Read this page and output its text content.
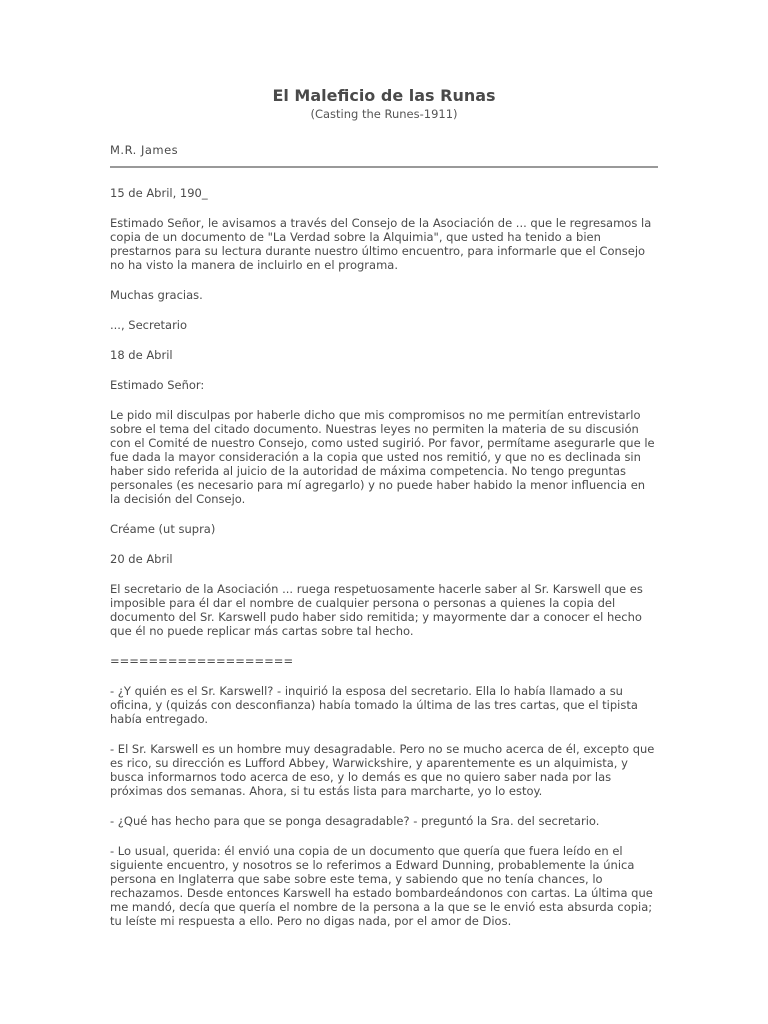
El Maleficio de las Runas

(Casting the Runes-1911)

M.R. James

15 de Abril, 190_

Estimado Señor, le avisamos a través del Consejo de la Asociación de ... que le regresamos la copia de un documento de "La Verdad sobre la Alquimia", que usted ha tenido a bien prestarnos para su lectura durante nuestro último encuentro, para informarle que el Consejo no ha visto la manera de incluirlo en el programa.

Muchas gracias.

..., Secretario

18 de Abril

Estimado Señor:

Le pido mil disculpas por haberle dicho que mis compromisos no me permitían entrevistarlo sobre el tema del citado documento. Nuestras leyes no permiten la materia de su discusión con el Comité de nuestro Consejo, como usted sugirió. Por favor, permítame asegurarle que le fue dada la mayor consideración a la copia que usted nos remitió, y que no es declinada sin haber sido referida al juicio de la autoridad de máxima competencia. No tengo preguntas personales (es necesario para mí agregarlo) y no puede haber habido la menor influencia en la decisión del Consejo.

Créame (ut supra)

20 de Abril

El secretario de la Asociación ... ruega respetuosamente hacerle saber al Sr. Karswell que es imposible para él dar el nombre de cualquier persona o personas a quienes la copia del documento del Sr. Karswell pudo haber sido remitida; y mayormente dar a conocer el hecho que él no puede replicar más cartas sobre tal hecho.

===================

- ¿Y quién es el Sr. Karswell? - inquirió la esposa del secretario. Ella lo había llamado a su oficina, y (quizás con desconfianza) había tomado la última de las tres cartas, que el tipista había entregado.

- El Sr. Karswell es un hombre muy desagradable. Pero no se mucho acerca de él, excepto que es rico, su dirección es Lufford Abbey, Warwickshire, y aparentemente es un alquimista, y busca informarnos todo acerca de eso, y lo demás es que no quiero saber nada por las próximas dos semanas. Ahora, si tu estás lista para marcharte, yo lo estoy.

- ¿Qué has hecho para que se ponga desagradable? - preguntó la Sra. del secretario.

- Lo usual, querida: él envió una copia de un documento que quería que fuera leído en el siguiente encuentro, y nosotros se lo referimos a Edward Dunning, probablemente la única persona en Inglaterra que sabe sobre este tema, y sabiendo que no tenía chances, lo rechazamos. Desde entonces Karswell ha estado bombardeándonos con cartas. La última que me mandó, decía que quería el nombre de la persona a la que se le envió esta absurda copia; tu leíste mi respuesta a ello. Pero no digas nada, por el amor de Dios.
